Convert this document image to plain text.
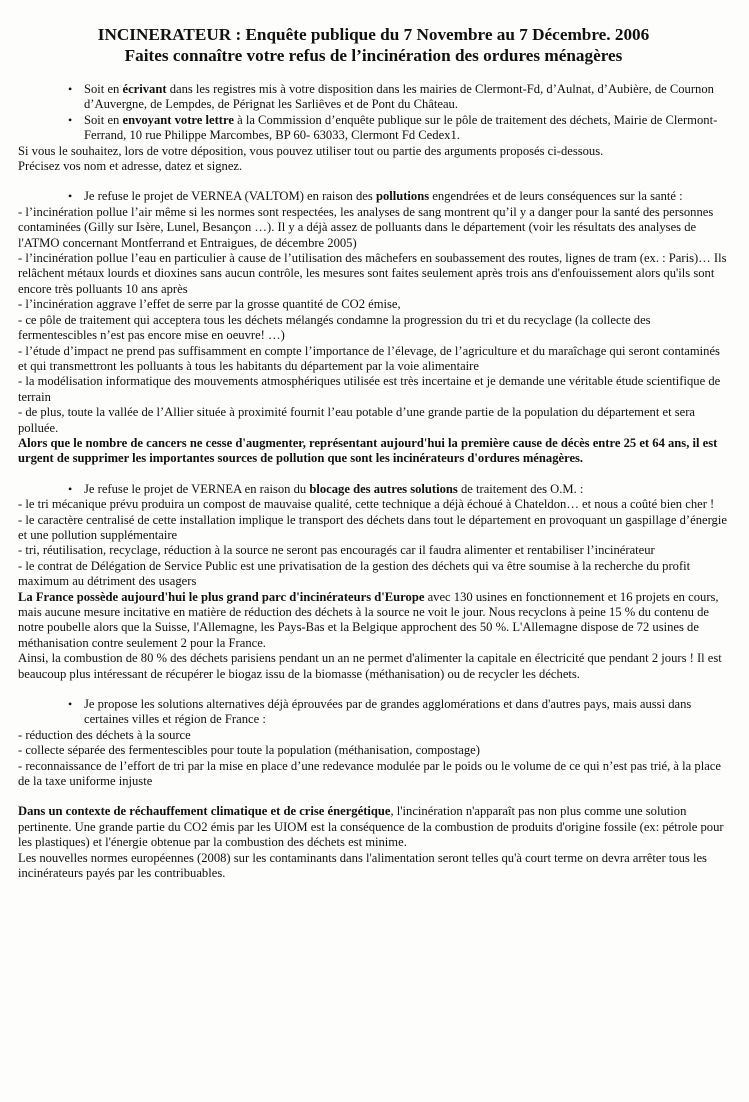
INCINERATEUR : Enquête publique du 7 Novembre au 7 Décembre. 2006

Faites connaître votre refus de l’incinération des ordures ménagères

• Soit en écrivant dans les registres mis à votre disposition dans les mairies de Clermont-Fd, d’Aulnat, d’Aubière, de Cournon d’Auvergne, de Lempdes, de Pérignat les Sarliêves et de Pont du Château.

• Soit en envoyant votre lettre à la Commission d’enquête publique sur le pôle de traitement des déchets, Mairie de Clermont-Ferrand, 10 rue Philippe Marcombes, BP 60- 63033, Clermont Fd Cedex1.

Si vous le souhaitez, lors de votre déposition, vous pouvez utiliser tout ou partie des arguments proposés ci-dessous.

Précisez vos nom et adresse, datez et signez.

• Je refuse le projet de VERNEA (VALTOM) en raison des pollutions engendrées et de leurs conséquences sur la santé :

- l’incinération pollue l’air même si les normes sont respectées, les analyses de sang montrent qu’il y a danger pour la santé des personnes contaminées (Gilly sur Isère, Lunel, Besançon …). Il y a déjà assez de polluants dans le département (voir les résultats des analyses de l'ATMO concernant Montferrand et Entraigues, de décembre 2005)

- l’incinération pollue l’eau en particulier à cause de l’utilisation des mâchefers en soubassement des routes, lignes de tram (ex. : Paris)… Ils relâchent métaux lourds et dioxines sans aucun contrôle, les mesures sont faites seulement après trois ans d'enfouissement alors qu'ils sont encore très polluants 10 ans après

- l’incinération aggrave l’effet de serre par la grosse quantité de CO2 émise,

- ce pôle de traitement qui acceptera tous les déchets mélangés condamne la progression du tri et du recyclage (la collecte des fermentescibles n’est pas encore mise en oeuvre! …)

- l’étude d’impact ne prend pas suffisamment en compte l’importance de l’élevage, de l’agriculture et du maraîchage qui seront contaminés et qui transmettront les polluants à tous les habitants du département par la voie alimentaire

- la modélisation informatique des mouvements atmosphériques utilisée est très incertaine et je demande une véritable étude scientifique de terrain

- de plus, toute la vallée de l’Allier située à proximité fournit l’eau potable d’une grande partie de la population du département et sera polluée.

Alors que le nombre de cancers ne cesse d'augmenter, représentant aujourd'hui la première cause de décès entre 25 et 64 ans, il est urgent de supprimer les importantes sources de pollution que sont les incinérateurs d'ordures ménagères.

• Je refuse le projet de VERNEA en raison du blocage des autres solutions de traitement des O.M. :

- le tri mécanique prévu produira un compost de mauvaise qualité, cette technique a déjà échoué à Chateldon… et nous a coûté bien cher !

- le caractère centralisé de cette installation implique le transport des déchets dans tout le département en provoquant un gaspillage d’énergie et une pollution supplémentaire

- tri, réutilisation, recyclage, réduction à la source ne seront pas encouragés car il faudra alimenter et rentabiliser l’incinérateur

- le contrat de Délégation de Service Public est une privatisation de la gestion des déchets qui va être soumise à la recherche du profit maximum au détriment des usagers

La France possède aujourd'hui le plus grand parc d'incinérateurs d'Europe avec 130 usines en fonctionnement et 16 projets en cours, mais aucune mesure incitative en matière de réduction des déchets à la source ne voit le jour. Nous recyclons à peine 15 % du contenu de notre poubelle alors que la Suisse, l'Allemagne, les Pays-Bas et la Belgique approchent des 50 %. L'Allemagne dispose de 72 usines de méthanisation contre seulement 2 pour la France.

Ainsi, la combustion de 80 % des déchets parisiens pendant un an ne permet d'alimenter la capitale en électricité que pendant 2 jours ! Il est beaucoup plus intéressant de récupérer le biogaz issu de la biomasse (méthanisation) ou de recycler les déchets.

• Je propose les solutions alternatives déjà éprouvées par de grandes agglomérations et dans d'autres pays, mais aussi dans certaines villes et région de France :

- réduction des déchets à la source

- collecte séparée des fermentescibles pour toute la population (méthanisation, compostage)

- reconnaissance de l’effort de tri par la mise en place d’une redevance modulée par le poids ou le volume de ce qui n’est pas trié, à la place de la taxe uniforme injuste

Dans un contexte de réchauffement climatique et de crise énergétique, l'incinération n'apparaît pas non plus comme une solution pertinente. Une grande partie du CO2 émis par les UIOM est la conséquence de la combustion de produits d'origine fossile (ex: pétrole pour les plastiques) et l'énergie obtenue par la combustion des déchets est minime.

Les nouvelles normes européennes (2008) sur les contaminants dans l'alimentation seront telles qu'à court terme on devra arrêter tous les incinérateurs payés par les contribuables.
